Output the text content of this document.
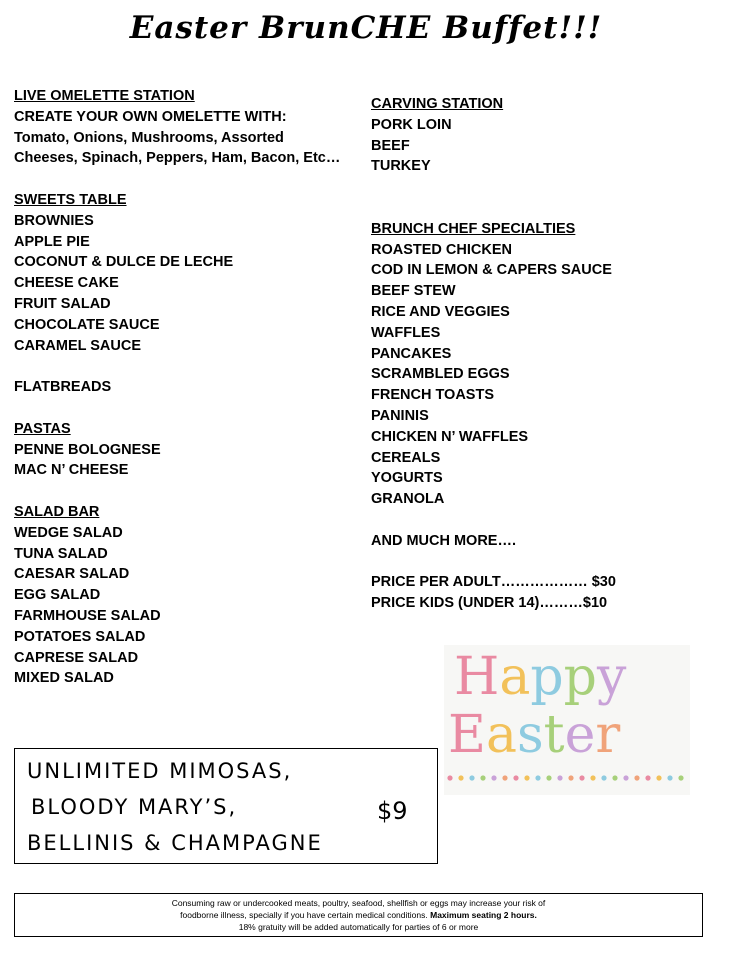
Easter BrunCHE Buffet!!!
LIVE OMELETTE STATION
CREATE YOUR OWN OMELETTE WITH:
Tomato, Onions, Mushrooms, Assorted
Cheeses, Spinach, Peppers, Ham, Bacon, Etc…
SWEETS TABLE
BROWNIES
APPLE PIE
COCONUT & DULCE DE LECHE
CHEESE CAKE
FRUIT SALAD
CHOCOLATE SAUCE
CARAMEL SAUCE
FLATBREADS
PASTAS
PENNE BOLOGNESE
MAC N’ CHEESE
SALAD BAR
WEDGE SALAD
TUNA SALAD
CAESAR SALAD
EGG SALAD
FARMHOUSE SALAD
POTATOES SALAD
CAPRESE SALAD
MIXED SALAD
CARVING STATION
PORK LOIN
BEEF
TURKEY
BRUNCH CHEF SPECIALTIES
ROASTED CHICKEN
COD IN LEMON & CAPERS SAUCE
BEEF STEW
RICE AND VEGGIES
WAFFLES
PANCAKES
SCRAMBLED EGGS
FRENCH TOASTS
PANINIS
CHICKEN N’ WAFFLES
CEREALS
YOGURTS
GRANOLA
AND MUCH MORE….
PRICE PER ADULT……………… $30
PRICE KIDS (UNDER 14)………$10
Happy
Easter
UNLIMITED MIMOSAS,
BLOODY MARY’S,	$9
BELLINIS & CHAMPAGNE
Consuming raw or undercooked meats, poultry, seafood, shellfish or eggs may increase your risk of
foodborne illness, specially if you have certain medical conditions. Maximum seating 2 hours.
18% gratuity will be added automatically for parties of 6 or more
